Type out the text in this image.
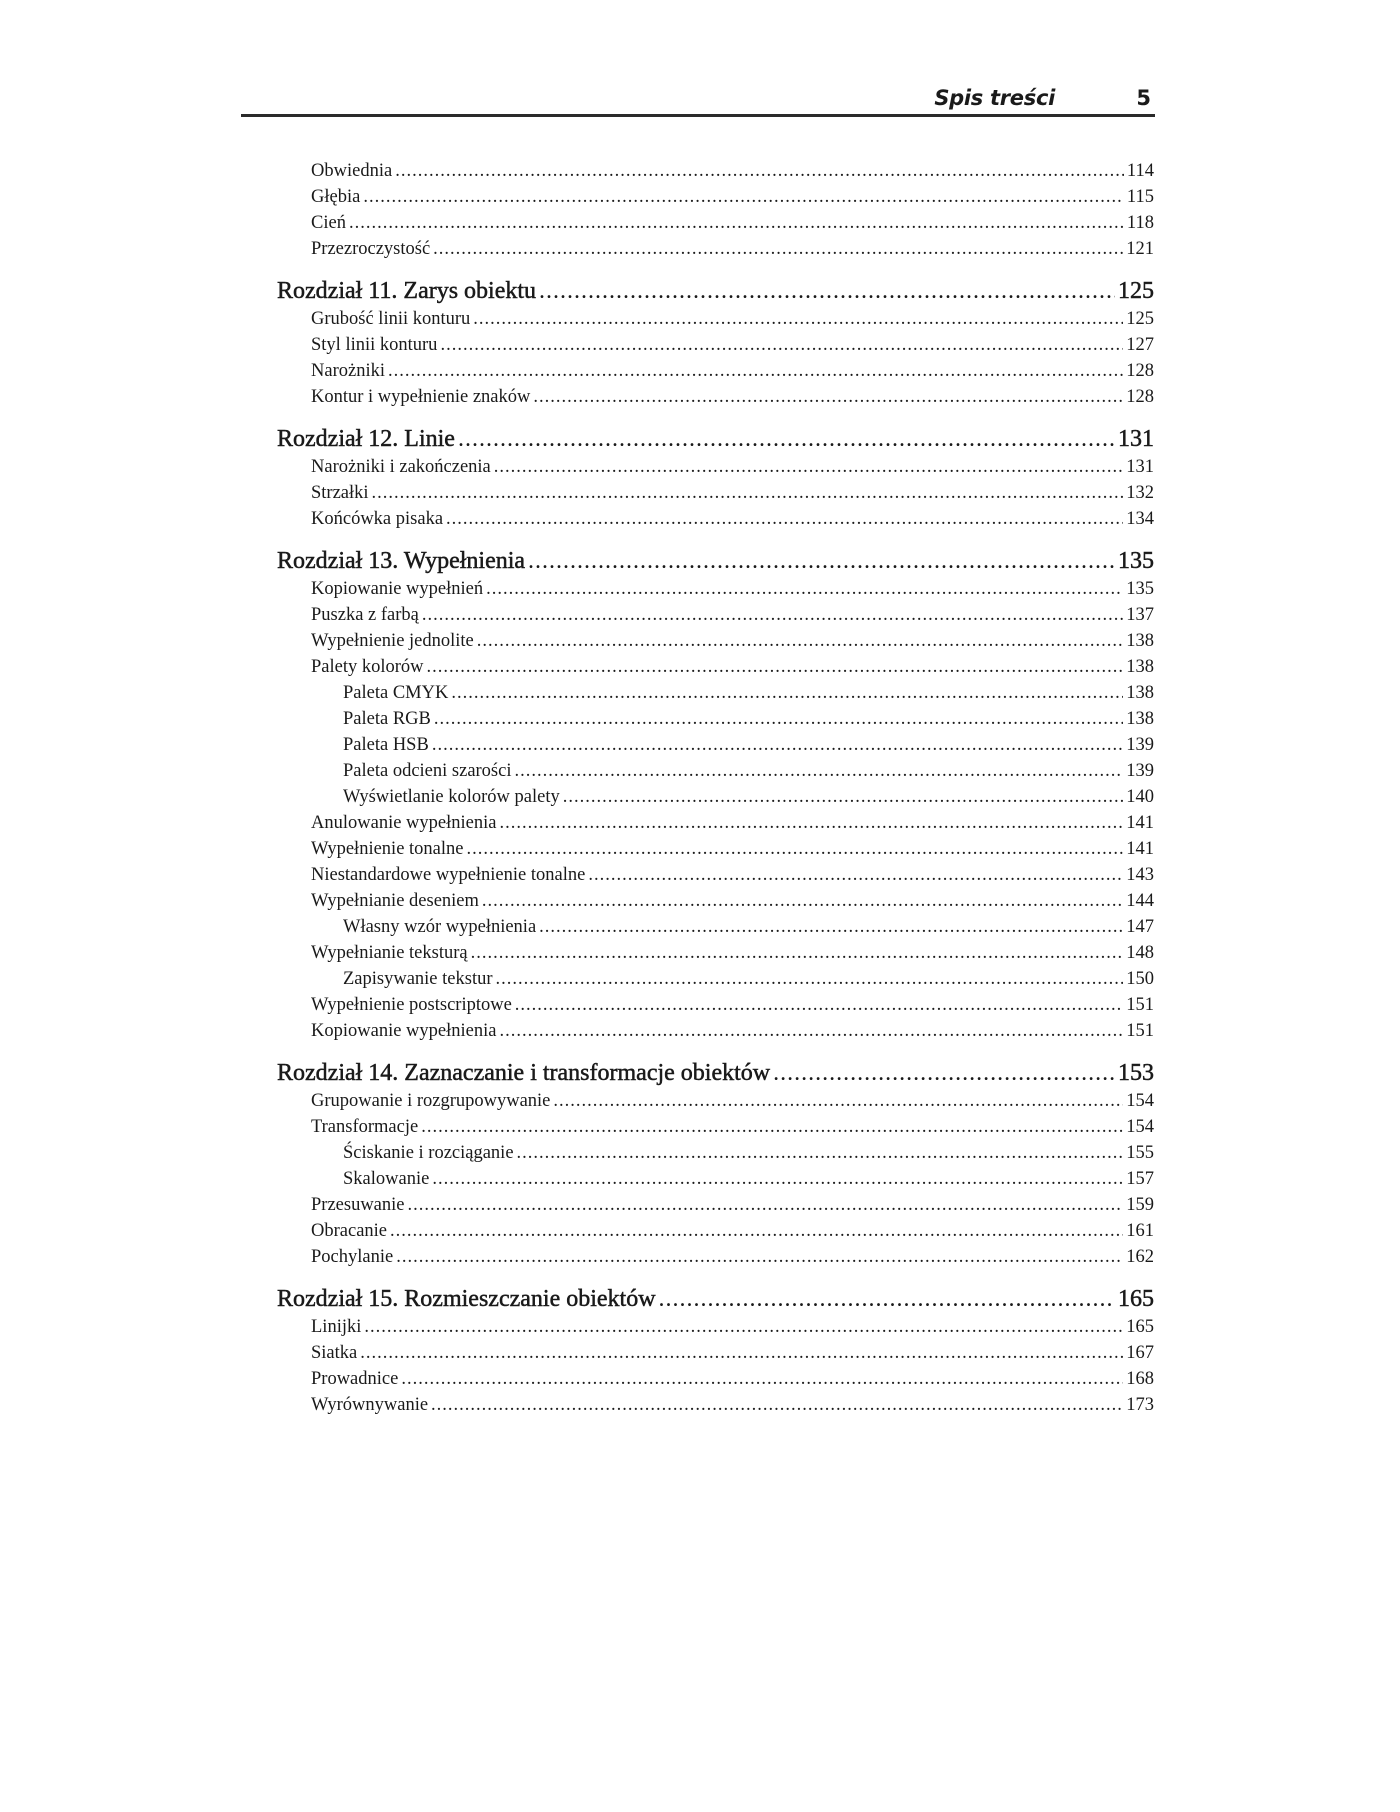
Spis treści	5
Obwiednia .....	114
Głębia .....	115
Cień .....	118
Przezroczystość .....	121
Rozdział 11. Zarys obiektu .....	125
Grubość linii konturu .....	125
Styl linii konturu .....	127
Narożniki .....	128
Kontur i wypełnienie znaków .....	128
Rozdział 12. Linie .....	131
Narożniki i zakończenia .....	131
Strzałki .....	132
Końcówka pisaka .....	134
Rozdział 13. Wypełnienia .....	135
Kopiowanie wypełnień .....	135
Puszka z farbą .....	137
Wypełnienie jednolite .....	138
Palety kolorów .....	138
Paleta CMYK .....	138
Paleta RGB .....	138
Paleta HSB .....	139
Paleta odcieni szarości .....	139
Wyświetlanie kolorów palety .....	140
Anulowanie wypełnienia .....	141
Wypełnienie tonalne .....	141
Niestandardowe wypełnienie tonalne .....	143
Wypełnianie deseniem .....	144
Własny wzór wypełnienia .....	147
Wypełnianie teksturą .....	148
Zapisywanie tekstur .....	150
Wypełnienie postscriptowe .....	151
Kopiowanie wypełnienia .....	151
Rozdział 14. Zaznaczanie i transformacje obiektów .....	153
Grupowanie i rozgrupowywanie .....	154
Transformacje .....	154
Ściskanie i rozciąganie .....	155
Skalowanie .....	157
Przesuwanie .....	159
Obracanie .....	161
Pochylanie .....	162
Rozdział 15. Rozmieszczanie obiektów .....	165
Linijki .....	165
Siatka .....	167
Prowadnice .....	168
Wyrównywanie .....	173
